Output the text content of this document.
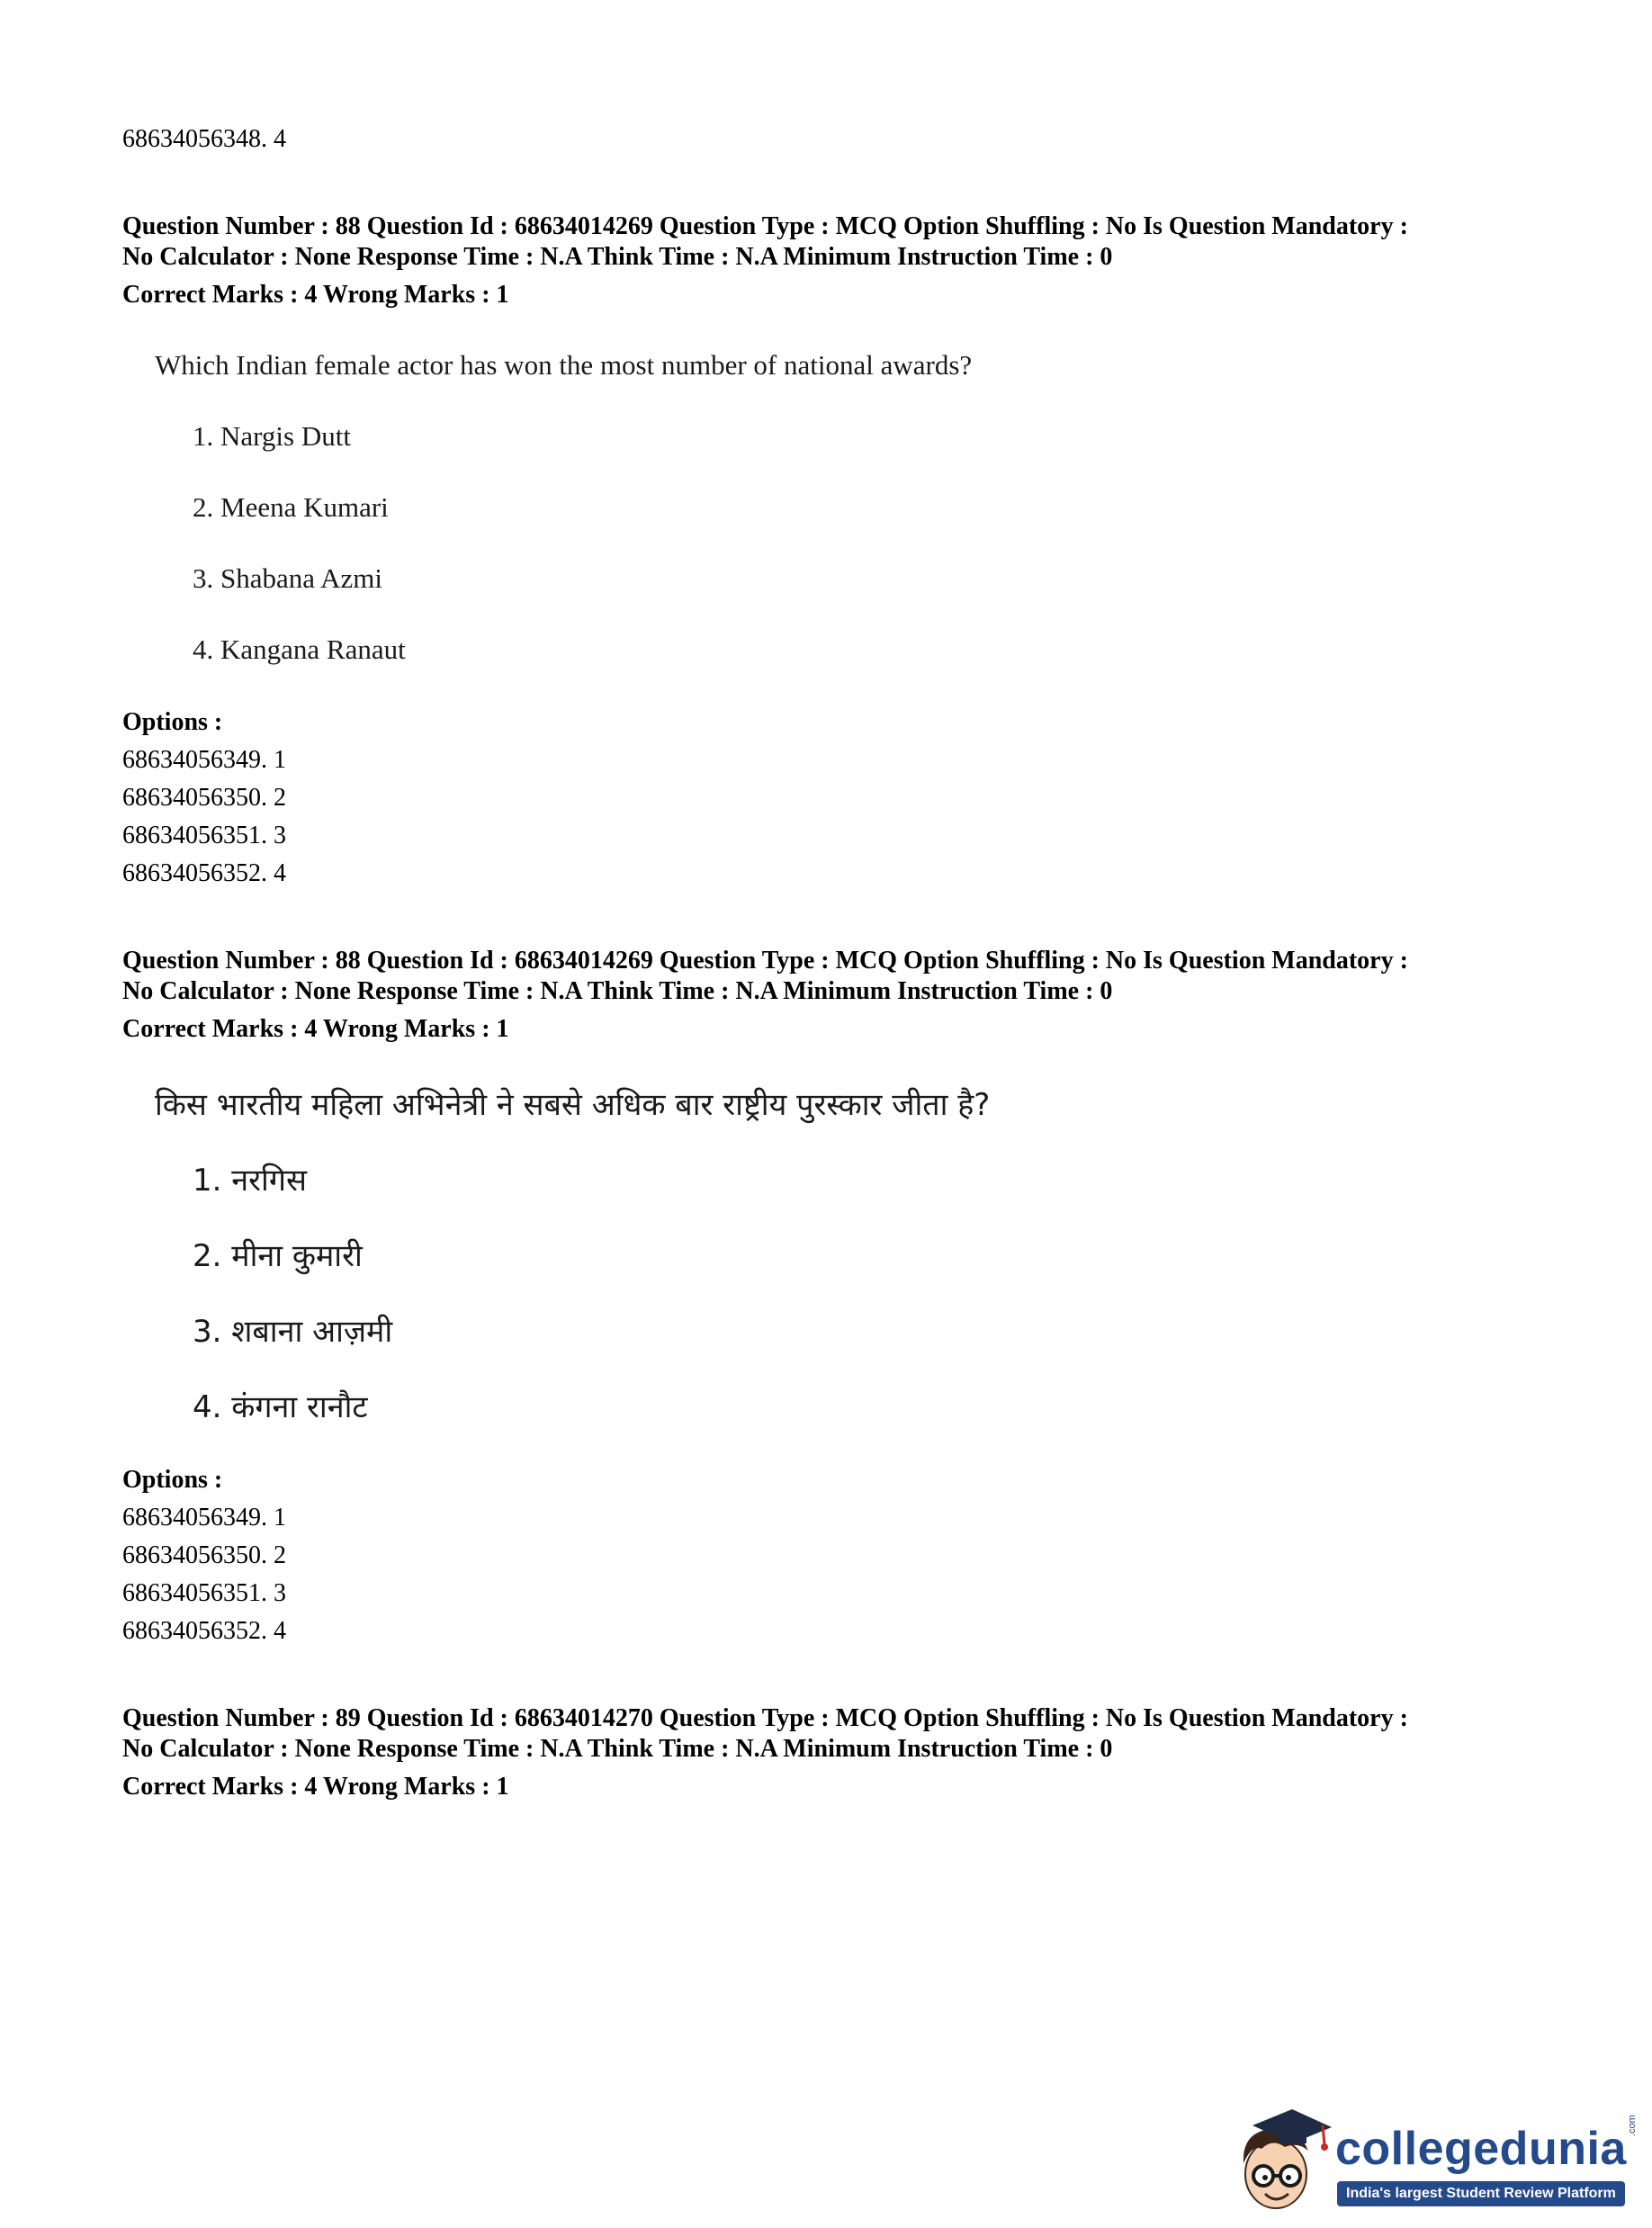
68634056348. 4
Question Number : 88 Question Id : 68634014269 Question Type : MCQ Option Shuffling : No Is Question Mandatory :
No Calculator : None Response Time : N.A Think Time : N.A Minimum Instruction Time : 0
Correct Marks : 4 Wrong Marks : 1
Which Indian female actor has won the most number of national awards?
1. Nargis Dutt
2. Meena Kumari
3. Shabana Azmi
4. Kangana Ranaut
Options :
68634056349. 1
68634056350. 2
68634056351. 3
68634056352. 4
Question Number : 88 Question Id : 68634014269 Question Type : MCQ Option Shuffling : No Is Question Mandatory :
No Calculator : None Response Time : N.A Think Time : N.A Minimum Instruction Time : 0
Correct Marks : 4 Wrong Marks : 1
किस भारतीय महिला अभिनेत्री ने सबसे अधिक बार राष्ट्रीय पुरस्कार जीता है?
1. नरगिस
2. मीना कुमारी
3. शबाना आज़मी
4. कंगना रानौट
Options :
68634056349. 1
68634056350. 2
68634056351. 3
68634056352. 4
Question Number : 89 Question Id : 68634014270 Question Type : MCQ Option Shuffling : No Is Question Mandatory :
No Calculator : None Response Time : N.A Think Time : N.A Minimum Instruction Time : 0
Correct Marks : 4 Wrong Marks : 1
collegedunia .com
India's largest Student Review Platform
